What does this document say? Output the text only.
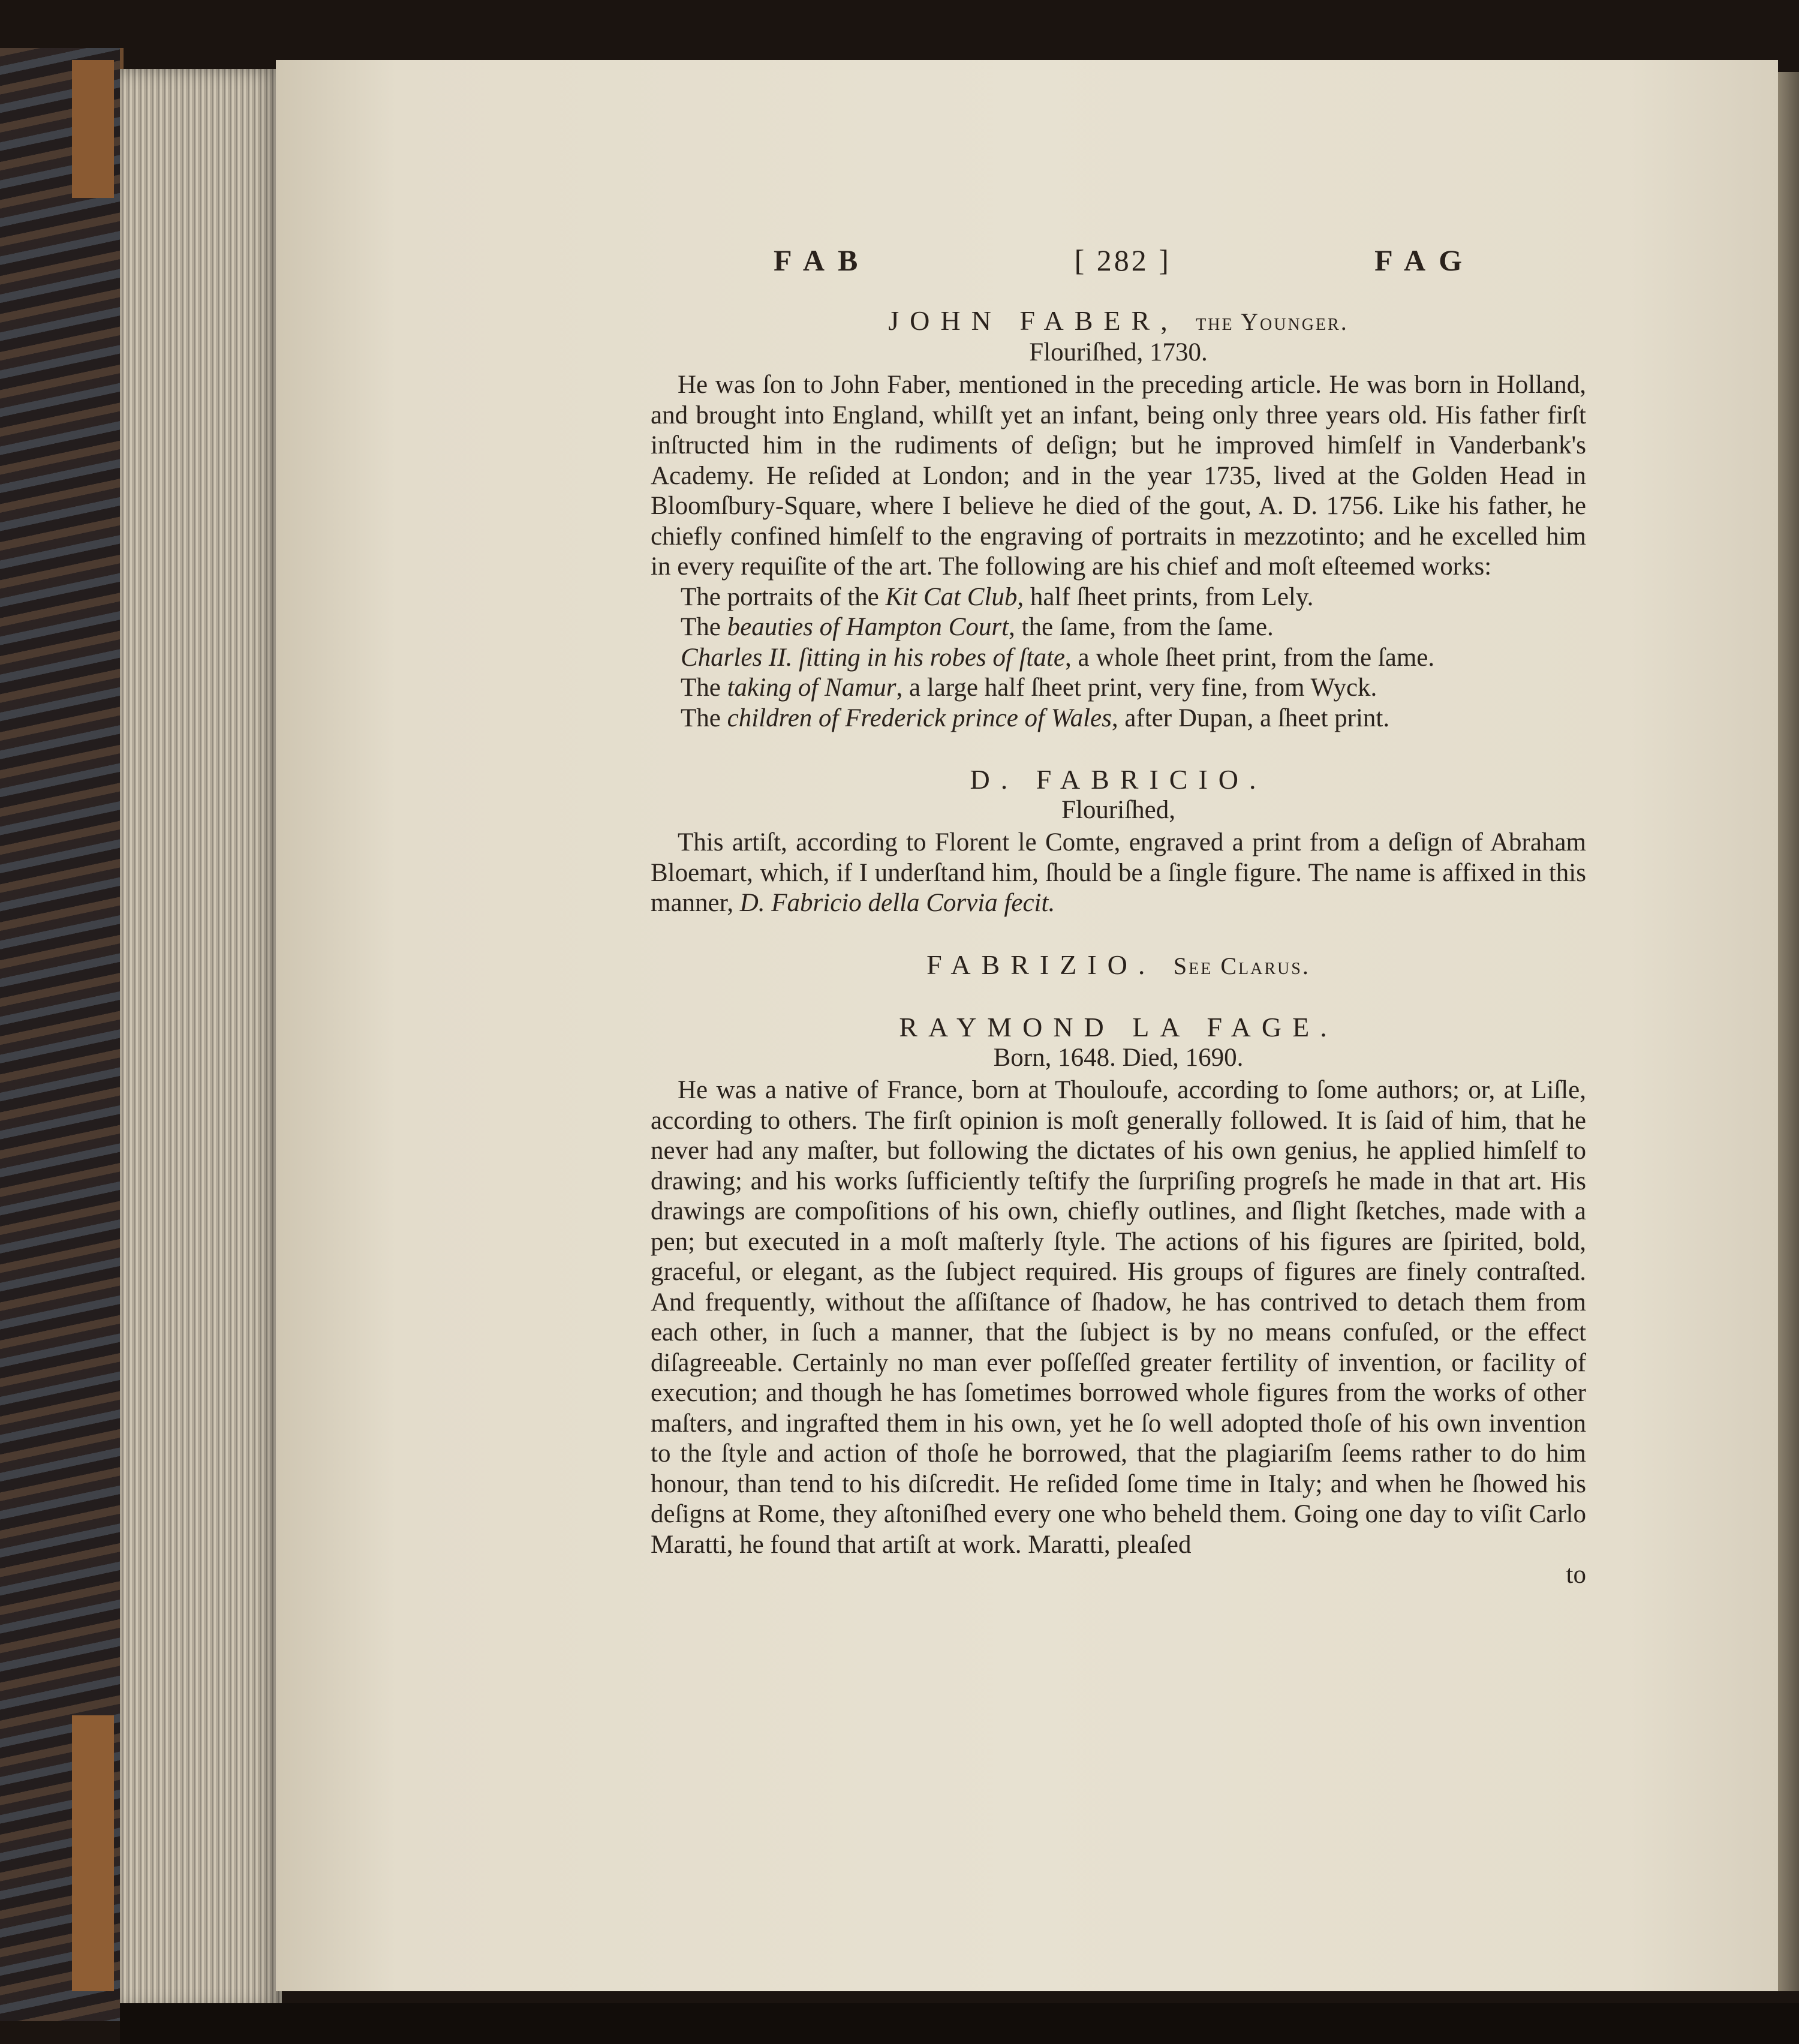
FAB	[ 282 ]	FAG
JOHN FABER, the Younger.
Flouriſhed, 1730.

He was ſon to John Faber, mentioned in the preceding article. He was born in Holland, and brought into England, whilſt yet an infant, being only three years old. His father firſt inſtructed him in the rudiments of deſign; but he improved himſelf in Vanderbank's Academy. He reſided at London; and in the year 1735, lived at the Golden Head in Bloomſbury-Square, where I believe he died of the gout, A. D. 1756. Like his father, he chiefly confined himſelf to the engraving of portraits in mezzotinto; and he excelled him in every requiſite of the art. The following are his chief and moſt eſteemed works:

The portraits of the Kit Cat Club, half ſheet prints, from Lely.
The beauties of Hampton Court, the ſame, from the ſame.
Charles II. ſitting in his robes of ſtate, a whole ſheet print, from the ſame.
The taking of Namur, a large half ſheet print, very fine, from Wyck.
The children of Frederick prince of Wales, after Dupan, a ſheet print.
D. FABRICIO.
Flouriſhed,

This artiſt, according to Florent le Comte, engraved a print from a deſign of Abraham Bloemart, which, if I underſtand him, ſhould be a ſingle figure. The name is affixed in this manner, D. Fabricio della Corvia fecit.

FABRIZIO. See Clarus.
RAYMOND LA FAGE.
Born, 1648. Died, 1690.

He was a native of France, born at Thouloufe, according to ſome authors; or, at Liſle, according to others. The firſt opinion is moſt generally followed. It is ſaid of him, that he never had any maſter, but following the dictates of his own genius, he applied himſelf to drawing; and his works ſufficiently teſtify the ſurpriſing progreſs he made in that art. His drawings are compoſitions of his own, chiefly outlines, and ſlight ſketches, made with a pen; but executed in a moſt maſterly ſtyle. The actions of his figures are ſpirited, bold, graceful, or elegant, as the ſubject required. His groups of figures are finely contraſted. And frequently, without the aſſiſtance of ſhadow, he has contrived to detach them from each other, in ſuch a manner, that the ſubject is by no means confuſed, or the effect diſagreeable. Certainly no man ever poſſeſſed greater fertility of invention, or facility of execution; and though he has ſometimes borrowed whole figures from the works of other maſters, and ingrafted them in his own, yet he ſo well adopted thoſe of his own invention to the ſtyle and action of thoſe he borrowed, that the plagiariſm ſeems rather to do him honour, than tend to his diſcredit. He reſided ſome time in Italy; and when he ſhowed his deſigns at Rome, they aſtoniſhed every one who beheld them. Going one day to viſit Carlo Maratti, he found that artiſt at work. Maratti, pleaſed

to
